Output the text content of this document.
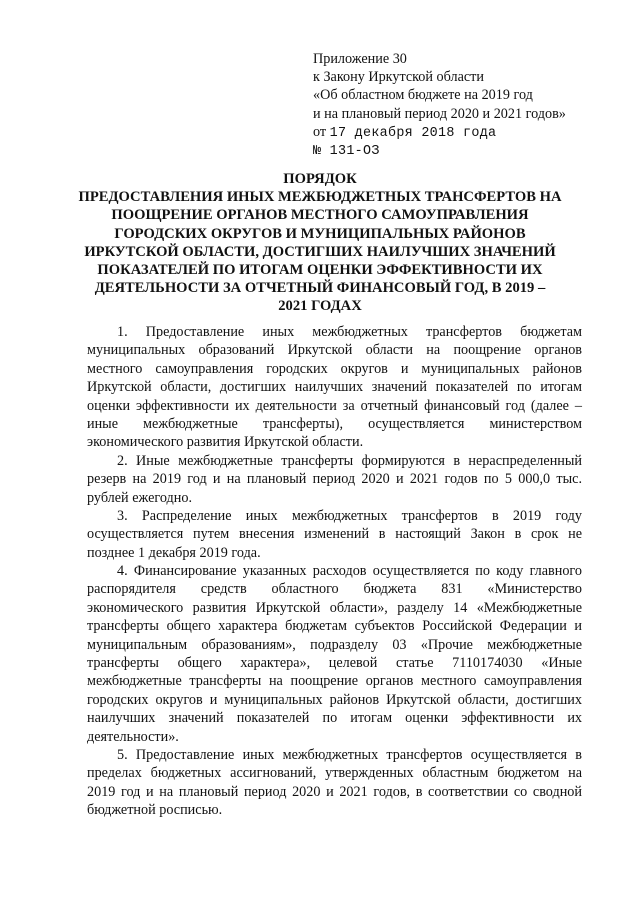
Приложение 30
к Закону Иркутской области
«Об областном бюджете на 2019 год
и на плановый период 2020 и 2021 годов»
от 17 декабря 2018 года
№ 131-ОЗ
ПОРЯДОК
ПРЕДОСТАВЛЕНИЯ ИНЫХ МЕЖБЮДЖЕТНЫХ ТРАНСФЕРТОВ НА
ПООЩРЕНИЕ ОРГАНОВ МЕСТНОГО САМОУПРАВЛЕНИЯ
ГОРОДСКИХ ОКРУГОВ И МУНИЦИПАЛЬНЫХ РАЙОНОВ
ИРКУТСКОЙ ОБЛАСТИ, ДОСТИГШИХ НАИЛУЧШИХ ЗНАЧЕНИЙ
ПОКАЗАТЕЛЕЙ ПО ИТОГАМ ОЦЕНКИ ЭФФЕКТИВНОСТИ ИХ
ДЕЯТЕЛЬНОСТИ ЗА ОТЧЕТНЫЙ ФИНАНСОВЫЙ ГОД, В 2019 –
2021 ГОДАХ
1. Предоставление иных межбюджетных трансфертов бюджетам
муниципальных образований Иркутской области на поощрение органов
местного самоуправления городских округов и муниципальных районов
Иркутской области, достигших наилучших значений показателей по итогам
оценки эффективности их деятельности за отчетный финансовый год (далее –
иные межбюджетные трансферты), осуществляется министерством
экономического развития Иркутской области.
2. Иные межбюджетные трансферты формируются в нераспределенный
резерв на 2019 год и на плановый период 2020 и 2021 годов по 5 000,0 тыс.
рублей ежегодно.
3. Распределение иных межбюджетных трансфертов в 2019 году
осуществляется путем внесения изменений в настоящий Закон в срок не
позднее 1 декабря 2019 года.
4. Финансирование указанных расходов осуществляется по коду главного
распорядителя средств областного бюджета 831 «Министерство
экономического развития Иркутской области», разделу 14 «Межбюджетные
трансферты общего характера бюджетам субъектов Российской Федерации и
муниципальным образованиям», подразделу 03 «Прочие межбюджетные
трансферты общего характера», целевой статье 7110174030 «Иные
межбюджетные трансферты на поощрение органов местного самоуправления
городских округов и муниципальных районов Иркутской области, достигших
наилучших значений показателей по итогам оценки эффективности их
деятельности».
5. Предоставление иных межбюджетных трансфертов осуществляется в
пределах бюджетных ассигнований, утвержденных областным бюджетом на
2019 год и на плановый период 2020 и 2021 годов, в соответствии со сводной
бюджетной росписью.
